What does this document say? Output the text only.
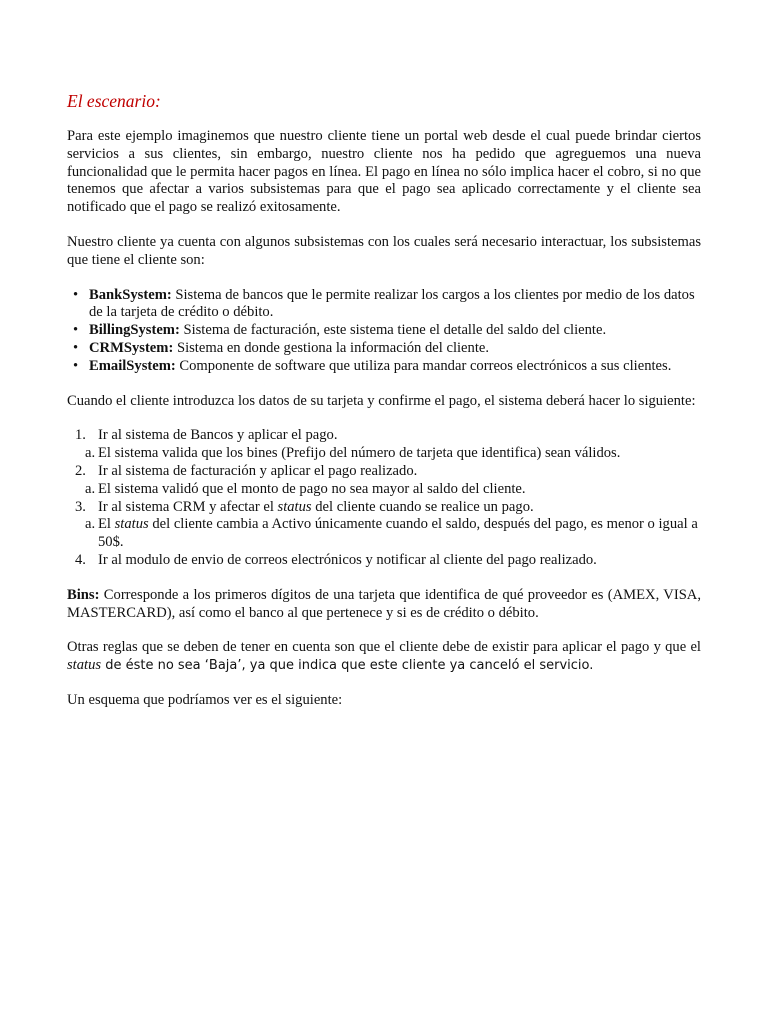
El escenario:

Para este ejemplo imaginemos que nuestro cliente tiene un portal web desde el cual puede brindar ciertos servicios a sus clientes, sin embargo, nuestro cliente nos ha pedido que agreguemos una nueva funcionalidad que le permita hacer pagos en línea. El pago en línea no sólo implica hacer el cobro, si no que tenemos que afectar a varios subsistemas para que el pago sea aplicado correctamente y el cliente sea notificado que el pago se realizó exitosamente.

Nuestro cliente ya cuenta con algunos subsistemas con los cuales será necesario interactuar, los subsistemas que tiene el cliente son:

• BankSystem: Sistema de bancos que le permite realizar los cargos a los clientes por medio de los datos de la tarjeta de crédito o débito.
• BillingSystem: Sistema de facturación, este sistema tiene el detalle del saldo del cliente.
• CRMSystem: Sistema en donde gestiona la información del cliente.
• EmailSystem: Componente de software que utiliza para mandar correos electrónicos a sus clientes.

Cuando el cliente introduzca los datos de su tarjeta y confirme el pago, el sistema deberá hacer lo siguiente:

1. Ir al sistema de Bancos y aplicar el pago.
a. El sistema valida que los bines (Prefijo del número de tarjeta que identifica) sean válidos.
2. Ir al sistema de facturación y aplicar el pago realizado.
a. El sistema validó que el monto de pago no sea mayor al saldo del cliente.
3. Ir al sistema CRM y afectar el status del cliente cuando se realice un pago.
a. El status del cliente cambia a Activo únicamente cuando el saldo, después del pago, es menor o igual a 50$.
4. Ir al modulo de envio de correos electrónicos y notificar al cliente del pago realizado.

Bins: Corresponde a los primeros dígitos de una tarjeta que identifica de qué proveedor es (AMEX, VISA, MASTERCARD), así como el banco al que pertenece y si es de crédito o débito.

Otras reglas que se deben de tener en cuenta son que el cliente debe de existir para aplicar el pago y que el status de éste no sea ‘Baja’, ya que indica que este cliente ya canceló el servicio.

Un esquema que podríamos ver es el siguiente:
